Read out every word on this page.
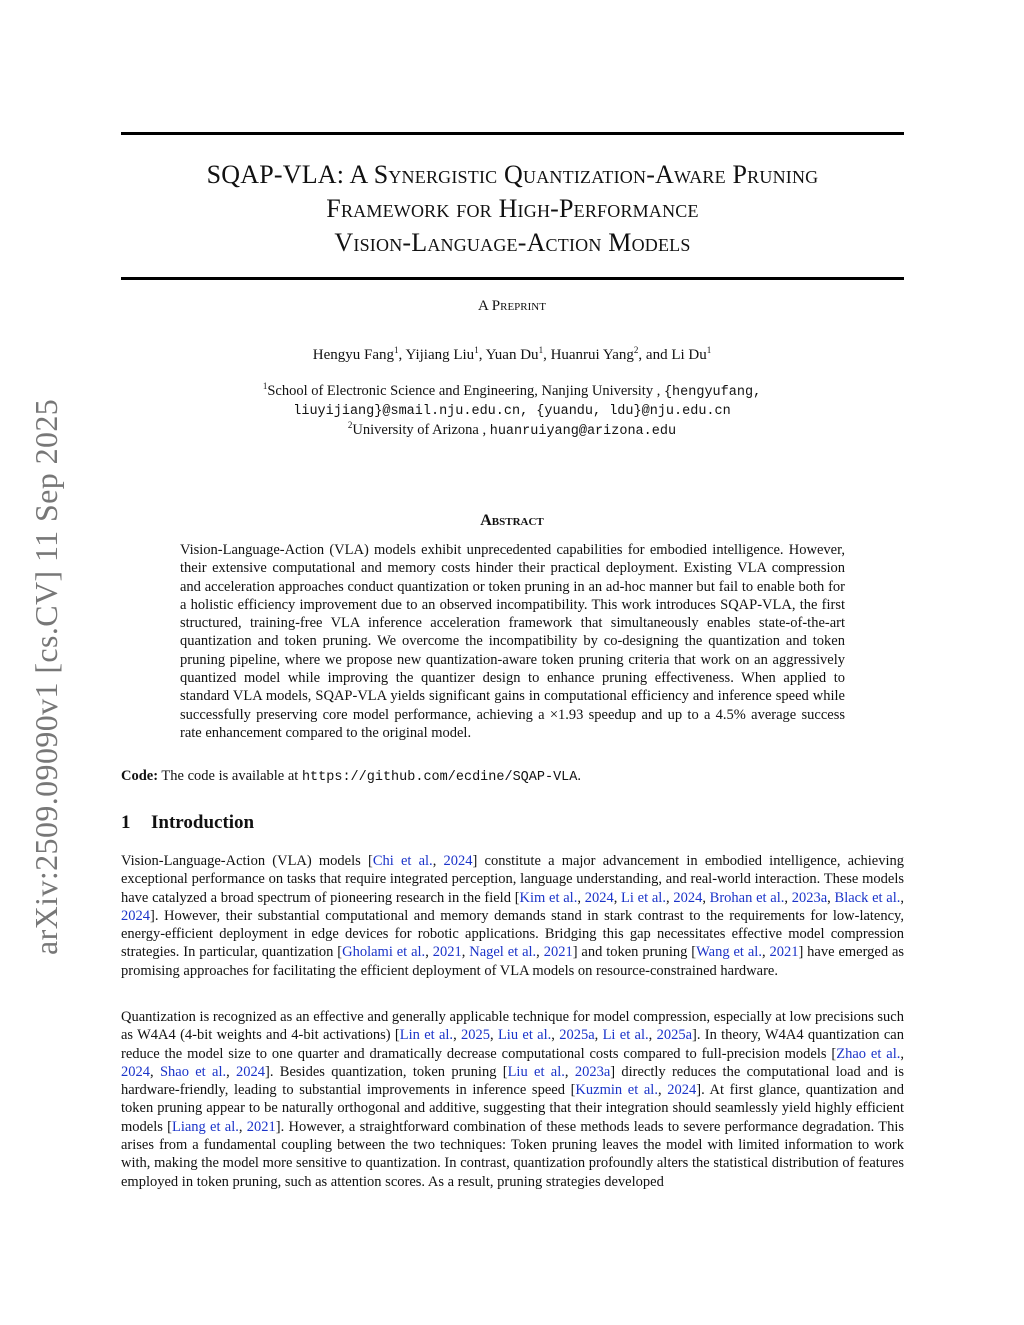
arXiv:2509.09090v1 [cs.CV] 11 Sep 2025
SQAP-VLA: A Synergistic Quantization-Aware Pruning
Framework for High-Performance
Vision-Language-Action Models
A Preprint
Hengyu Fang$^1$, Yijiang Liu$^1$, Yuan Du$^1$, Huanrui Yang$^2$, and Li Du$^1$
$^1$School of Electronic Science and Engineering, Nanjing University , {hengyufang,
liuyijiang}@smail.nju.edu.cn, {yuandu, ldu}@nju.edu.cn
$^2$University of Arizona , huanruiyang@arizona.edu
Abstract
Vision-Language-Action (VLA) models exhibit unprecedented capabilities for embodied intelligence. However, their extensive computational and memory costs hinder their practical deployment. Existing VLA compression and acceleration approaches conduct quantization or token pruning in an ad-hoc manner but fail to enable both for a holistic efficiency improvement due to an observed incompatibility. This work introduces SQAP-VLA, the first structured, training-free VLA inference acceleration framework that simultaneously enables state-of-the-art quantization and token pruning. We overcome the incompatibility by co-designing the quantization and token pruning pipeline, where we propose new quantization-aware token pruning criteria that work on an aggressively quantized model while improving the quantizer design to enhance pruning effectiveness. When applied to standard VLA models, SQAP-VLA yields significant gains in computational efficiency and inference speed while successfully preserving core model performance, achieving a ×1.93 speedup and up to a 4.5% average success rate enhancement compared to the original model.
Code: The code is available at https://github.com/ecdine/SQAP-VLA.
1 Introduction
Vision-Language-Action (VLA) models [Chi et al., 2024] constitute a major advancement in embodied intelligence, achieving exceptional performance on tasks that require integrated perception, language understanding, and real-world interaction. These models have catalyzed a broad spectrum of pioneering research in the field [Kim et al., 2024, Li et al., 2024, Brohan et al., 2023a, Black et al., 2024]. However, their substantial computational and memory demands stand in stark contrast to the requirements for low-latency, energy-efficient deployment in edge devices for robotic applications. Bridging this gap necessitates effective model compression strategies. In particular, quantization [Gholami et al., 2021, Nagel et al., 2021] and token pruning [Wang et al., 2021] have emerged as promising approaches for facilitating the efficient deployment of VLA models on resource-constrained hardware.
Quantization is recognized as an effective and generally applicable technique for model compression, especially at low precisions such as W4A4 (4-bit weights and 4-bit activations) [Lin et al., 2025, Liu et al., 2025a, Li et al., 2025a]. In theory, W4A4 quantization can reduce the model size to one quarter and dramatically decrease computational costs compared to full-precision models [Zhao et al., 2024, Shao et al., 2024]. Besides quantization, token pruning [Liu et al., 2023a] directly reduces the computational load and is hardware-friendly, leading to substantial improvements in inference speed [Kuzmin et al., 2024]. At first glance, quantization and token pruning appear to be naturally orthogonal and additive, suggesting that their integration should seamlessly yield highly efficient models [Liang et al., 2021]. However, a straightforward combination of these methods leads to severe performance degradation. This arises from a fundamental coupling between the two techniques: Token pruning leaves the model with limited information to work with, making the model more sensitive to quantization. In contrast, quantization profoundly alters the statistical distribution of features employed in token pruning, such as attention scores. As a result, pruning strategies developed
